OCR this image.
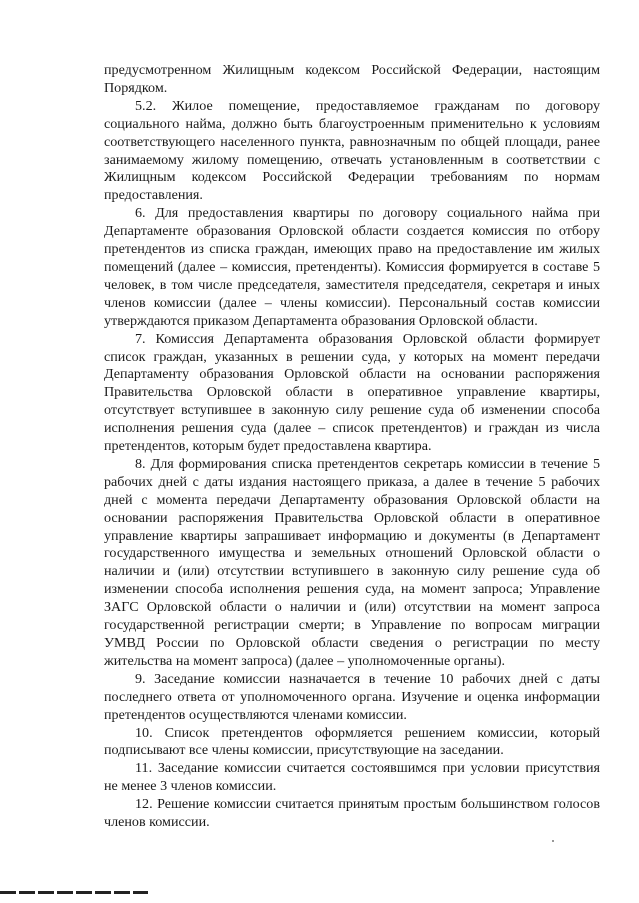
предусмотренном Жилищным кодексом Российской Федерации, настоящим Порядком.

5.2. Жилое помещение, предоставляемое гражданам по договору социального найма, должно быть благоустроенным применительно к условиям соответствующего населенного пункта, равнозначным по общей площади, ранее занимаемому жилому помещению, отвечать установленным в соответствии с Жилищным кодексом Российской Федерации требованиям по нормам предоставления.

6. Для предоставления квартиры по договору социального найма при Департаменте образования Орловской области создается комиссия по отбору претендентов из списка граждан, имеющих право на предоставление им жилых помещений (далее – комиссия, претенденты). Комиссия формируется в составе 5 человек, в том числе председателя, заместителя председателя, секретаря и иных членов комиссии (далее – члены комиссии). Персональный состав комиссии утверждаются приказом Департамента образования Орловской области.

7. Комиссия Департамента образования Орловской области формирует список граждан, указанных в решении суда, у которых на момент передачи Департаменту образования Орловской области на основании распоряжения Правительства Орловской области в оперативное управление квартиры, отсутствует вступившее в законную силу решение суда об изменении способа исполнения решения суда (далее – список претендентов) и граждан из числа претендентов, которым будет предоставлена квартира.

8. Для формирования списка претендентов секретарь комиссии в течение 5 рабочих дней с даты издания настоящего приказа, а далее в течение 5 рабочих дней с момента передачи Департаменту образования Орловской области на основании распоряжения Правительства Орловской области в оперативное управление квартиры запрашивает информацию и документы (в Департамент государственного имущества и земельных отношений Орловской области о наличии и (или) отсутствии вступившего в законную силу решение суда об изменении способа исполнения решения суда, на момент запроса; Управление ЗАГС Орловской области о наличии и (или) отсутствии на момент запроса государственной регистрации смерти; в Управление по вопросам миграции УМВД России по Орловской области сведения о регистрации по месту жительства на момент запроса) (далее – уполномоченные органы).

9. Заседание комиссии назначается в течение 10 рабочих дней с даты последнего ответа от уполномоченного органа. Изучение и оценка информации претендентов осуществляются членами комиссии.

10. Список претендентов оформляется решением комиссии, который подписывают все члены комиссии, присутствующие на заседании.

11. Заседание комиссии считается состоявшимся при условии присутствия не менее 3 членов комиссии.

12. Решение комиссии считается принятым простым большинством голосов членов комиссии.
